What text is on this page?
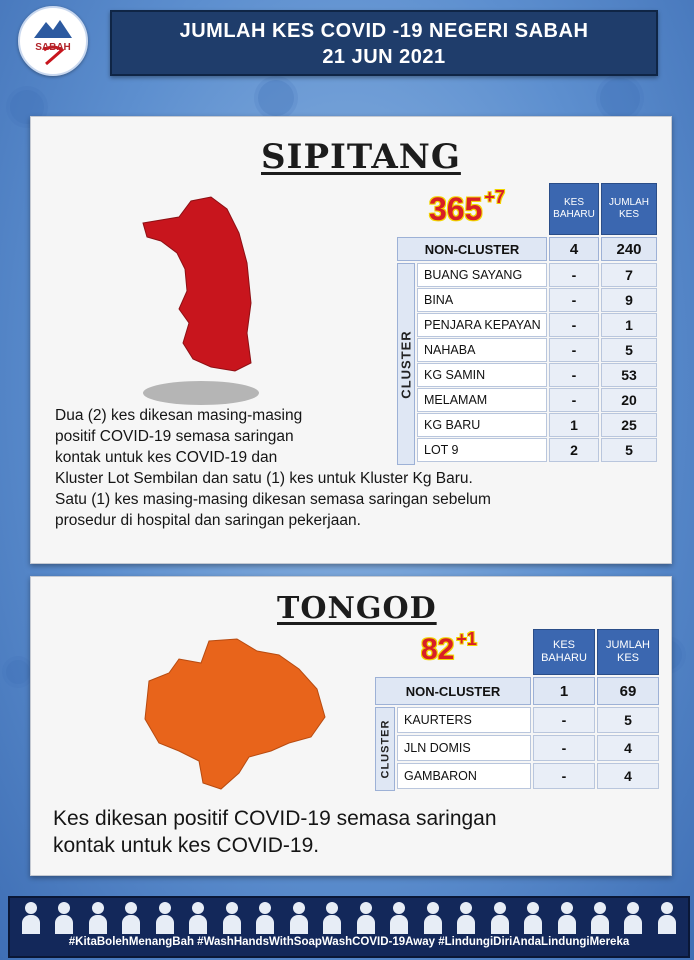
SABAH
JUMLAH KES COVID -19 NEGERI SABAH
21 JUN 2021
SIPITANG
365 $^{+7}$	KES BAHARU
JUMLAH KES
NON-CLUSTER	4	240
CLUSTER
BUANG SAYANG	-	7
BINA	-	9
PENJARA KEPAYAN	-	1
NAHABA	-	5
KG SAMIN	-	53
MELAMAM	-	20
KG BARU	1	25
LOT 9	2	5

Dua (2) kes dikesan masing-masing

positif COVID-19 semasa saringan

kontak untuk kes COVID-19 dan

Kluster Lot Sembilan dan satu (1) kes untuk Kluster Kg Baru.

Satu (1) kes masing-masing dikesan semasa saringan sebelum

prosedur di hospital dan saringan pekerjaan.

TONGOD
82 $^{+1}$	KES BAHARU
JUMLAH KES
NON-CLUSTER	1	69
CLUSTER	KAURTERS	-	5
JLN DOMIS	-	4
GAMBARON	-	4

Kes dikesan positif COVID-19 semasa saringan

kontak untuk kes COVID-19.

#KitaBolehMenangBah #WashHandsWithSoapWashCOVID-19Away #LindungiDiriAndaLindungiMereka
